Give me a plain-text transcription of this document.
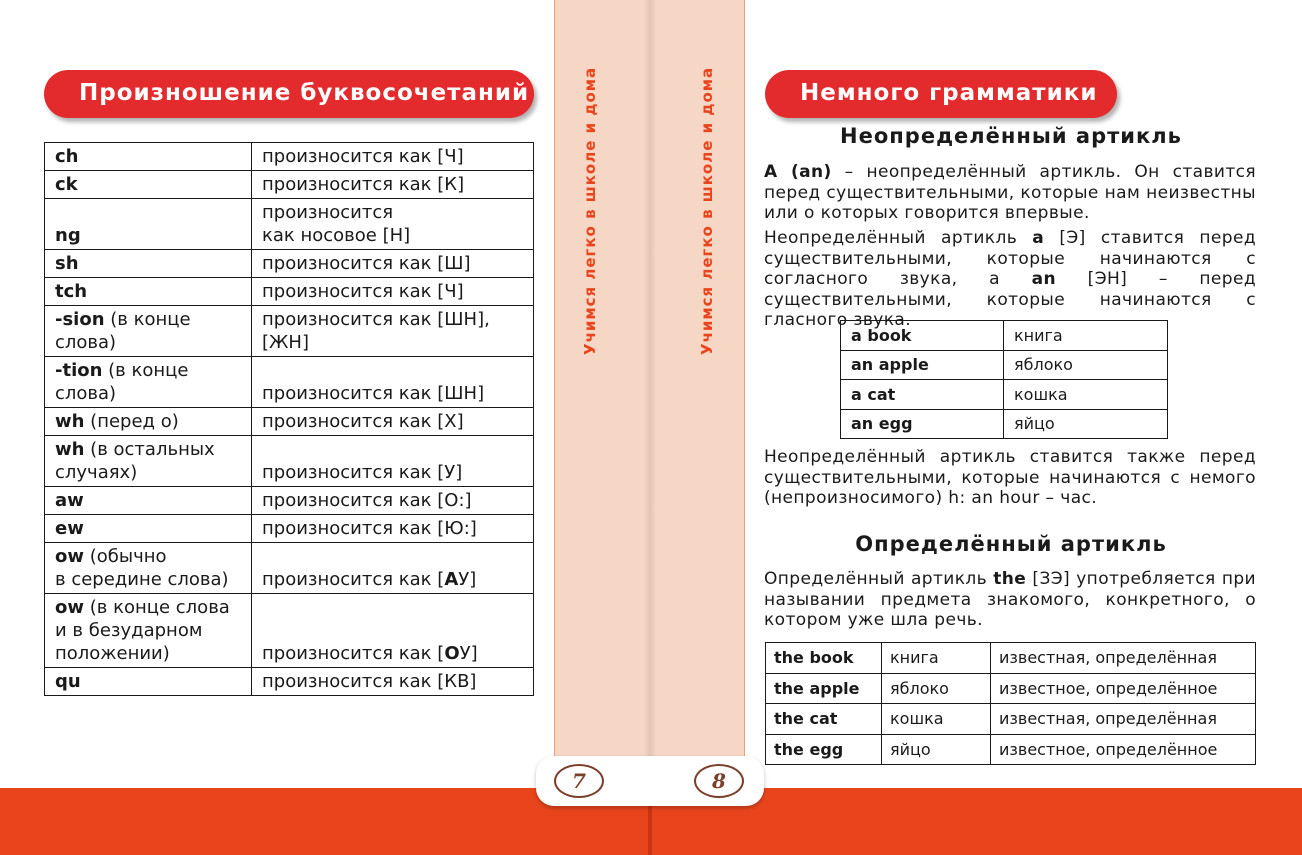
Учимся легко в школе и дома	Учимся легко в школе и дома
7	8
Произношение буквосочетаний
ch	произносится как [Ч]
ck	произносится как [К]
ng	произносится
как носовое [Н]
sh	произносится как [Ш]
tch	произносится как [Ч]
-sion (в конце слова)	произносится как [ШН], [ЖН]
-tion (в конце слова)	произносится как [ШН]
wh (перед о)	произносится как [Х]
wh (в остальных
случаях)	произносится как [У]
aw	произносится как [О:]
ew	произносится как [Ю:]
ow (обычно
в середине слова)	произносится как [АУ]
ow (в конце слова
и в безударном
положении)	произносится как [ОУ]
qu	произносится как [КВ]
Немного грамматики
Неопределённый артикль
A (an) – неопределённый артикль. Он ставится перед существительными, которые нам неизвестны или о которых говорится впервые.
Неопределённый артикль a [Э] ставится перед существительными, которые начинаются с согласного звука, а an [ЭН] – перед существительными, которые начинаются с гласного звука.
a book	книга
an apple	яблоко
a cat	кошка
an egg	яйцо
Неопределённый артикль ставится также перед существительными, которые начинаются с немого (непроизносимого) h: an hour – час.
Определённый артикль
Определённый артикль the [ЗЭ] употребляется при назывании предмета знакомого, конкретного, о котором уже шла речь.
the book	книга	известная, определённая
the apple	яблоко	известное, определённое
the cat	кошка	известная, определённая
the egg	яйцо	известное, определённое
